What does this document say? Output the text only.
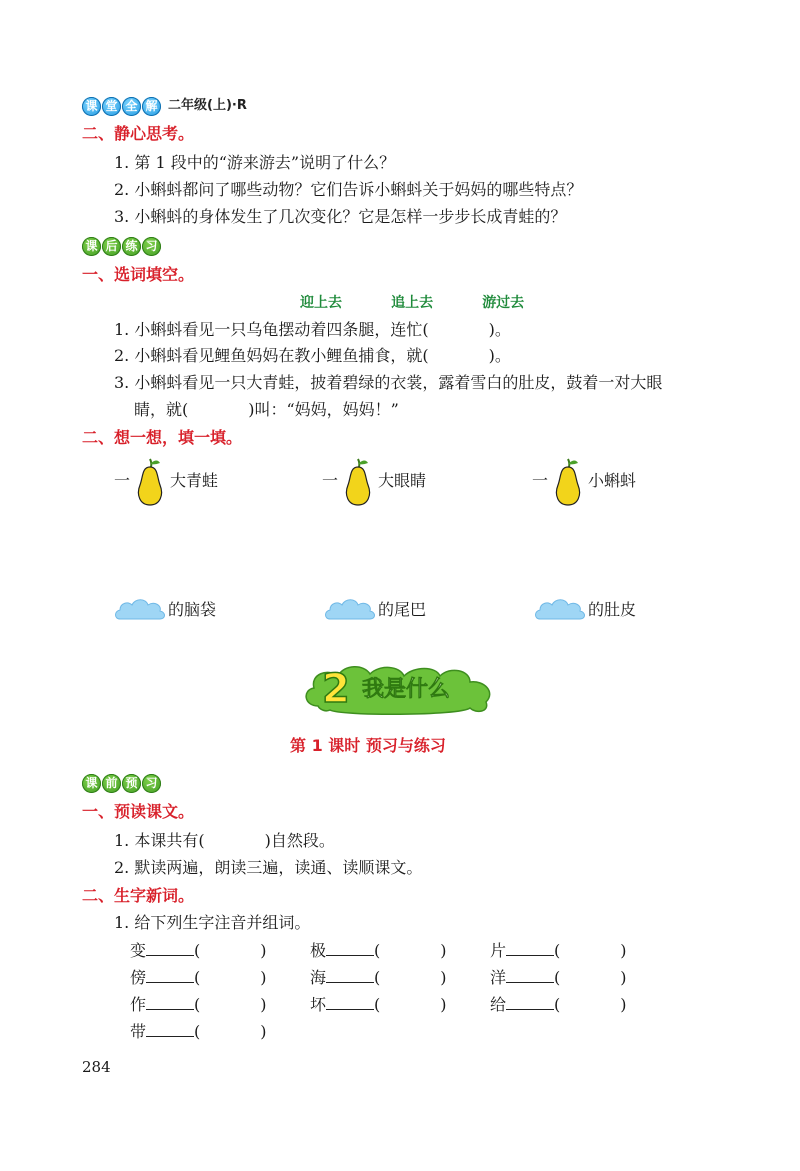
课 堂 全 解 二年级(上)·R
二、静心思考。
1. 第 1 段中的“游来游去”说明了什么？
2. 小蝌蚪都问了哪些动物？它们告诉小蝌蚪关于妈妈的哪些特点？
3. 小蝌蚪的身体发生了几次变化？它是怎样一步步长成青蛙的？
课 后 练 习
一、选词填空。
迎上去	追上去	游过去
1. 小蝌蚪看见一只乌龟摆动着四条腿，连忙(	)。
2. 小蝌蚪看见鲤鱼妈妈在教小鲤鱼捕食，就(	)。
3. 小蝌蚪看见一只大青蛙，披着碧绿的衣裳，露着雪白的肚皮，鼓着一对大眼
睛，就(	)叫：“妈妈，妈妈！”
二、想一想，填一填。
一	大青蛙	一	大眼睛	一	小蝌蚪
的脑袋	的尾巴	的肚皮
2 我是什么
第 1 课时 预习与练习
课 前 预 习
一、预读课文。
1. 本课共有(	)自然段。
2. 默读两遍，朗读三遍，读通、读顺课文。
二、生字新词。
1. 给下列生字注音并组词。
变	(	)	极	(	)	片	(	)
傍	(	)	海	(	)	洋	(	)
作	(	)	坏	(	)	给	(	)
带	(	)
284
